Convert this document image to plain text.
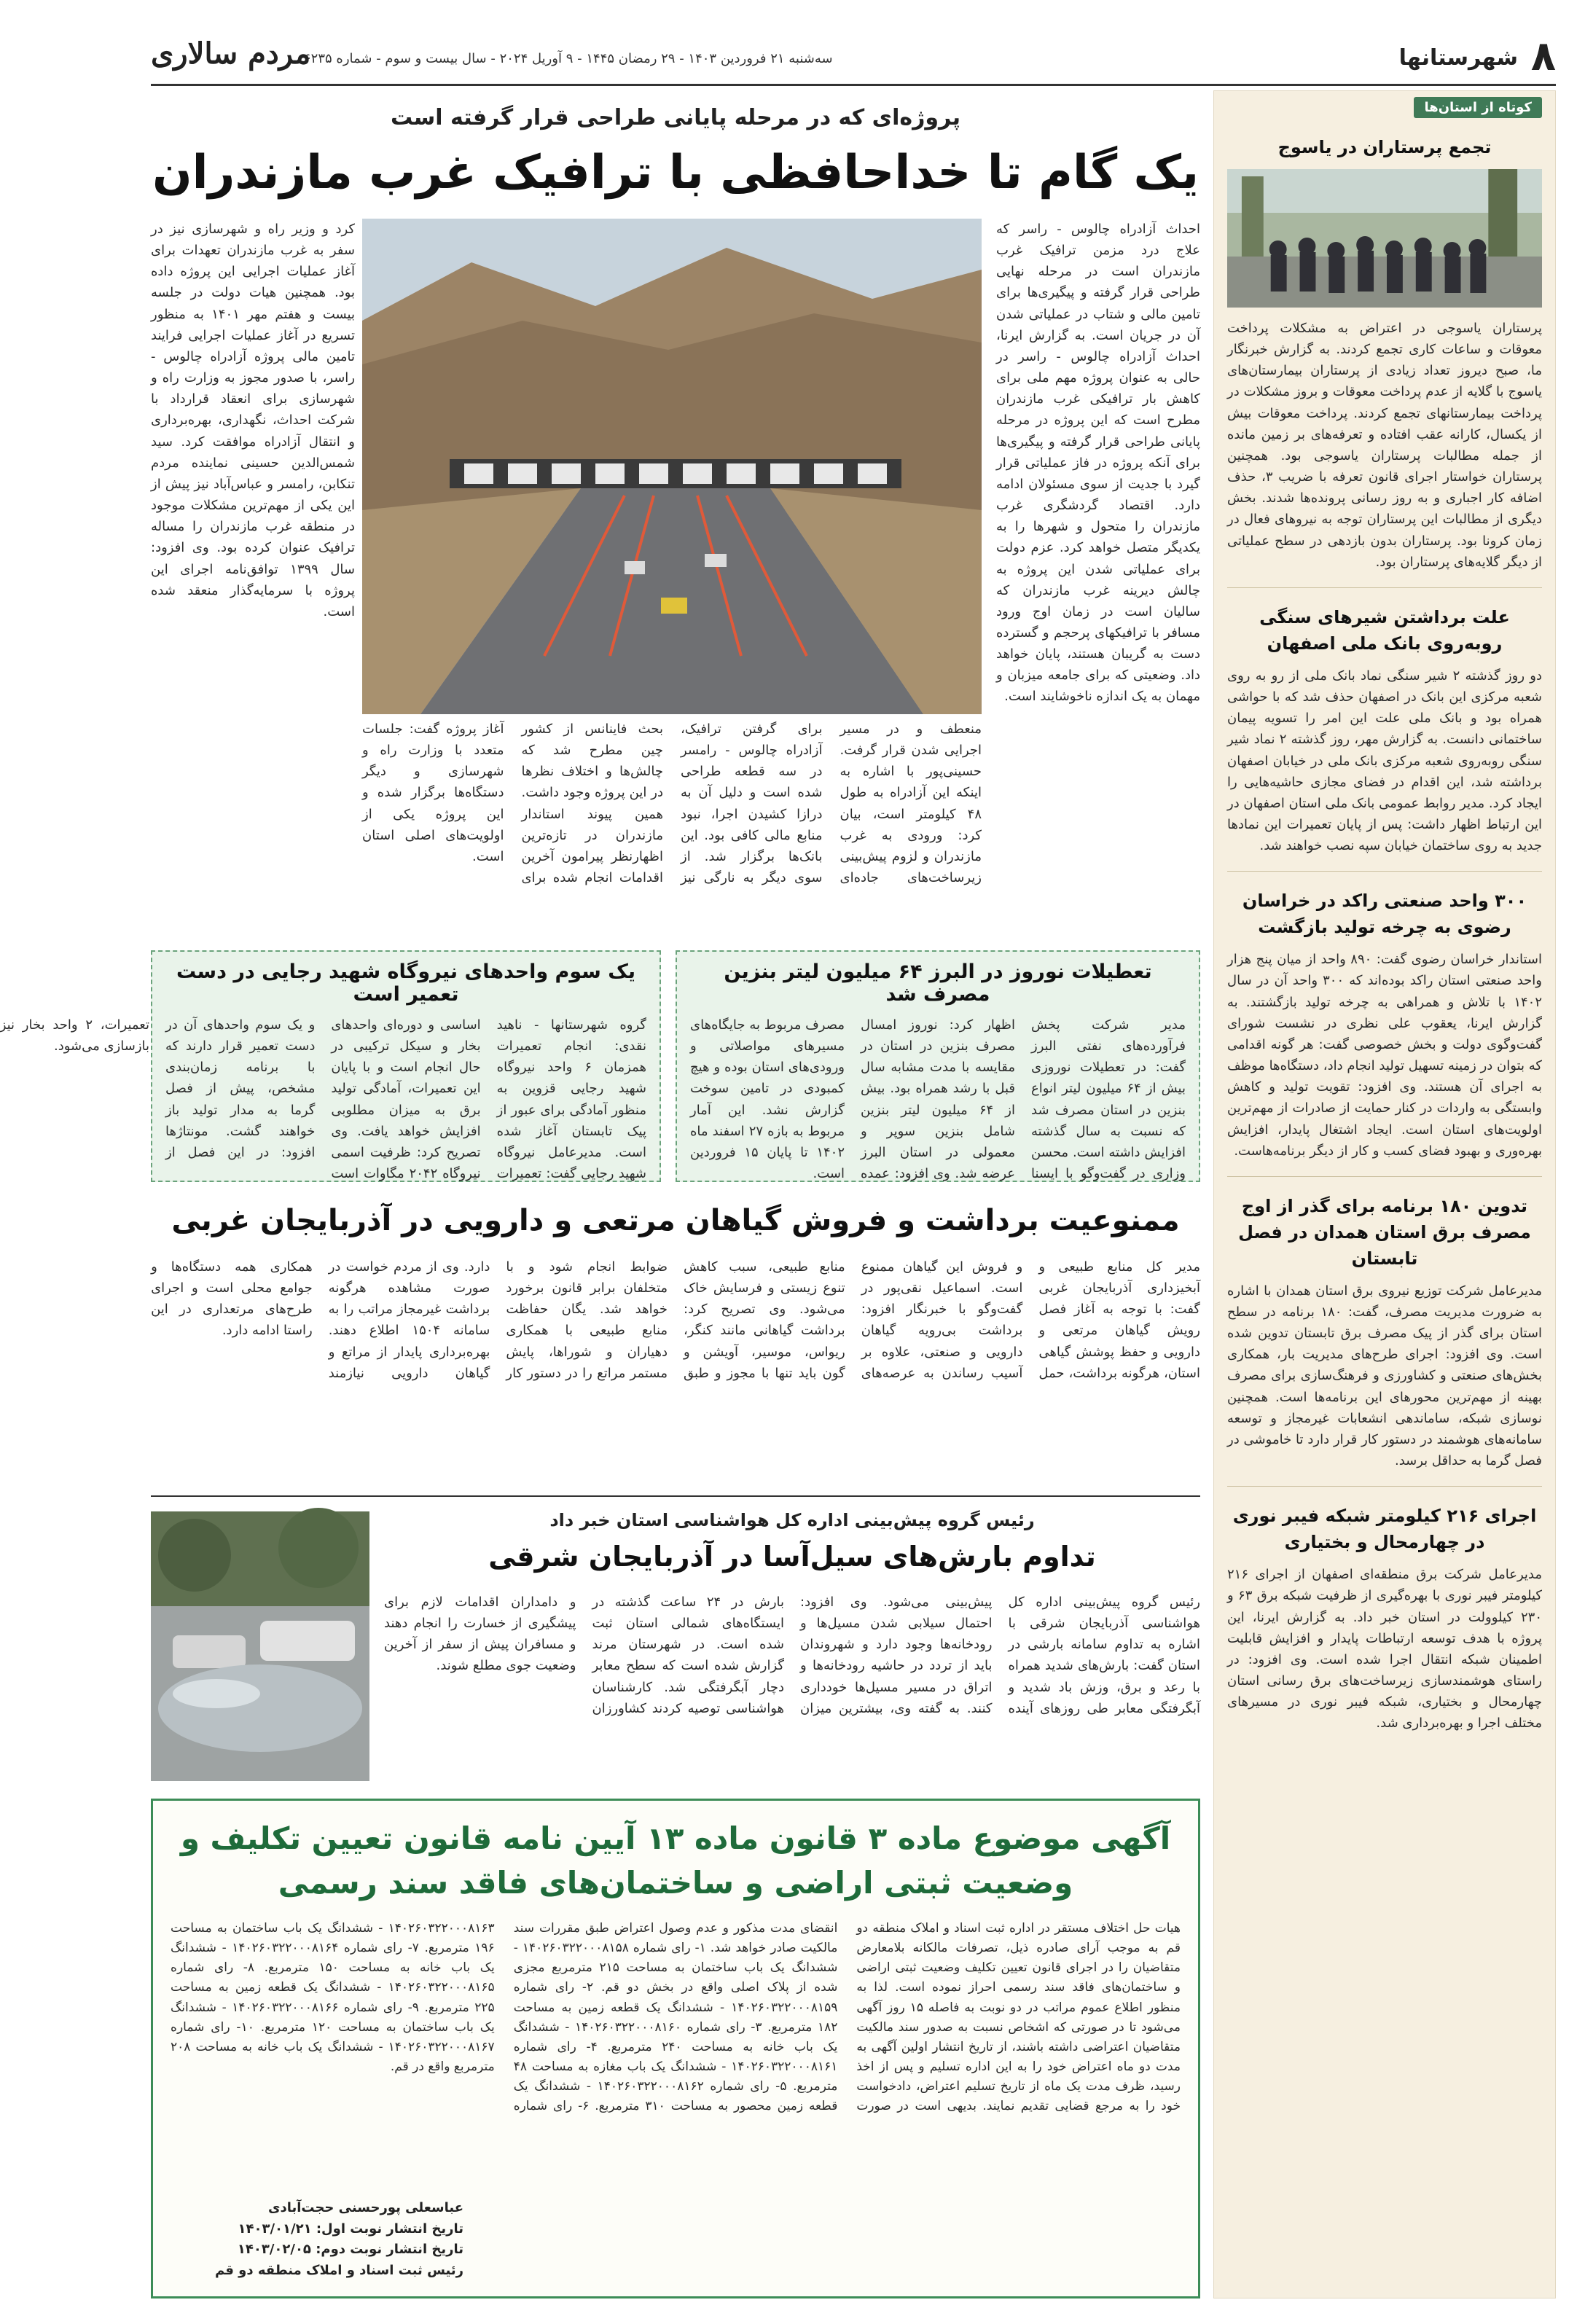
۸
شهرستانها
سه‌شنبه ۲۱ فروردین ۱۴۰۳ - ۲۹ رمضان ۱۴۴۵ - ۹ آوریل ۲۰۲۴ - سال بیست و سوم - شماره ۶۲۳۵
مردم سالاری
کوتاه از استان‌ها
تجمع پرستاران در یاسوج
پرستاران یاسوجی در اعتراض به مشکلات پرداخت معوقات و ساعات کاری تجمع کردند. به گزارش خبرنگار ما، صبح دیروز تعداد زیادی از پرستاران بیمارستان‌های یاسوج با گلایه از عدم پرداخت معوقات و بروز مشکلات در پرداخت بیمارستانهای تجمع کردند. پرداخت معوقات بیش از یکسال، کارانه عقب افتاده و تعرفه‌های بر زمین مانده از جمله مطالبات پرستاران یاسوجی بود. همچنین پرستاران خواستار اجرای قانون تعرفه با ضریب ۳، حذف اضافه کار اجباری و به روز رسانی پرونده‌ها شدند. بخش دیگری از مطالبات این پرستاران توجه به نیروهای فعال در زمان کرونا بود. پرستاران بدون بازدهی در سطح عملیاتی از دیگر گلایه‌های پرستاران بود.
علت برداشتن شیرهای سنگی روبه‌روی بانک ملی اصفهان
دو روز گذشته ۲ شیر سنگی نماد بانک ملی از رو به روی شعبه مرکزی این بانک در اصفهان حذف شد که با حواشی همراه بود و بانک ملی علت این امر را تسویه پیمان ساختمانی دانست. به گزارش مهر، روز گذشته ۲ نماد شیر سنگی روبه‌روی شعبه مرکزی بانک ملی در خیابان اصفهان برداشته شد، این اقدام در فضای مجازی حاشیه‌هایی را ایجاد کرد. مدیر روابط عمومی بانک ملی استان اصفهان در این ارتباط اظهار داشت: پس از پایان تعمیرات این نمادها جدید به روی ساختمان خیابان سپه نصب خواهند شد.
۳۰۰ واحد صنعتی راکد در خراسان رضوی به چرخه تولید بازگشت
استاندار خراسان رضوی گفت: ۸۹۰ واحد از میان پنج هزار واحد صنعتی استان راکد بوده‌اند که ۳۰۰ واحد آن در سال ۱۴۰۲ با تلاش و همراهی به چرخه تولید بازگشتند. به گزارش ایرنا، یعقوب علی نظری در نشست شورای گفت‌وگوی دولت و بخش خصوصی گفت: هر گونه اقدامی که بتوان در زمینه تسهیل تولید انجام داد، دستگاه‌ها موظف به اجرای آن هستند. وی افزود: تقویت تولید و کاهش وابستگی به واردات در کنار حمایت از صادرات از مهم‌ترین اولویت‌های استان است. ایجاد اشتغال پایدار، افزایش بهره‌وری و بهبود فضای کسب و کار از دیگر برنامه‌هاست.
تدوین ۱۸۰ برنامه برای گذر از اوج مصرف برق استان همدان در فصل تابستان
مدیرعامل شرکت توزیع نیروی برق استان همدان با اشاره به ضرورت مدیریت مصرف، گفت: ۱۸۰ برنامه در سطح استان برای گذر از پیک مصرف برق تابستان تدوین شده است. وی افزود: اجرای طرح‌های مدیریت بار، همکاری بخش‌های صنعتی و کشاورزی و فرهنگ‌سازی برای مصرف بهینه از مهم‌ترین محورهای این برنامه‌ها است. همچنین نوسازی شبکه، ساماندهی انشعابات غیرمجاز و توسعه سامانه‌های هوشمند در دستور کار قرار دارد تا خاموشی در فصل گرما به حداقل برسد.
اجرای ۲۱۶ کیلومتر شبکه فیبر نوری در چهارمحال و بختیاری
مدیرعامل شرکت برق منطقه‌ای اصفهان از اجرای ۲۱۶ کیلومتر فیبر نوری با بهره‌گیری از ظرفیت شبکه برق ۶۳ و ۲۳۰ کیلوولت در استان خبر داد. به گزارش ایرنا، این پروژه با هدف توسعه ارتباطات پایدار و افزایش قابلیت اطمینان شبکه انتقال اجرا شده است. وی افزود: در راستای هوشمندسازی زیرساخت‌های برق رسانی استان چهارمحال و بختیاری، شبکه فیبر نوری در مسیرهای مختلف اجرا و بهره‌برداری شد.
پروژه‌ای که در مرحله پایانی طراحی قرار گرفته است
یک گام تا خداحافظی با ترافیک غرب مازندران
احداث آزادراه چالوس - راسر که علاج درد مزمن ترافیک غرب مازندران است در مرحله نهایی طراحی قرار گرفته و پیگیری‌ها برای تامین مالی و شتاب در عملیاتی شدن آن در جریان است. به گزارش ایرنا، احداث آزادراه چالوس - راسر در حالی به عنوان پروژه مهم ملی برای کاهش بار ترافیکی غرب مازندران مطرح است که این پروژه در مرحله پایانی طراحی قرار گرفته و پیگیری‌ها برای آنکه پروژه در فاز عملیاتی قرار گیرد با جدیت از سوی مسئولان ادامه دارد. اقتصاد گردشگری غرب مازندران را متحول و شهرها را به یکدیگر متصل خواهد کرد. عزم دولت برای عملیاتی شدن این پروژه به چالش دیرینه غرب مازندران که سالیان است در زمان اوج ورود مسافر با ترافیکهای پرحجم و گسترده دست به گریبان هستند، پایان خواهد داد. وضعیتی که برای جامعه میزبان و مهمان به یک اندازه ناخوشایند است.
منعطف و در مسیر اجرایی شدن قرار گرفت. حسینی‌پور با اشاره به اینکه این آزادراه به طول ۴۸ کیلومتر است، بیان کرد: ورودی به غرب مازندران و لزوم پیش‌بینی زیرساخت‌های جاده‌ای برای گرفتن ترافیک، آزادراه چالوس - رامسر در سه قطعه طراحی شده است و دلیل آن به درازا کشیدن اجرا، نبود منابع مالی کافی بود. این بانک‌ها برگزار شد. از سوی دیگر به نارگی نیز بحث فاینانس از کشور چین مطرح شد که چالش‌ها و اختلاف نظرها در این پروژه وجود داشت. همین پیوند استاندار مازندران در تازه‌ترین اظهارنظر پیرامون آخرین اقدامات انجام شده برای آغاز پروژه گفت: جلسات متعدد با وزارت راه و شهرسازی و دیگر دستگاه‌ها برگزار شده و این پروژه یکی از اولویت‌های اصلی استان است.
کرد و وزیر راه و شهرسازی نیز در سفر به غرب مازندران تعهدات برای آغاز عملیات اجرایی این پروژه داده بود. همچنین هیات دولت در جلسه بیست و هفتم مهر ۱۴۰۱ به منظور تسریع در آغاز عملیات اجرایی فرایند تامین مالی پروژه آزادراه چالوس - راسر، با صدور مجوز به وزارت راه و شهرسازی برای انعقاد قرارداد با شرکت احداث، نگهداری، بهره‌برداری و انتقال آزادراه موافقت کرد. سید شمس‌الدین حسینی نماینده مردم تنکابن، رامسر و عباس‌آباد نیز پیش از این یکی از مهم‌ترین مشکلات موجود در منطقه غرب مازندران را مساله ترافیک عنوان کرده بود. وی افزود: سال ۱۳۹۹ توافق‌نامه اجرای این پروژه با سرمایه‌گذار منعقد شده است.
یک سوم واحدهای نیروگاه شهید رجایی در دست تعمیر است
گروه شهرستانها - ناهید نقدی: انجام تعمیرات همزمان ۶ واحد نیروگاه شهید رجایی قزوین به منظور آمادگی برای عبور از پیک تابستان آغاز شده است. مدیرعامل نیروگاه شهید رجایی گفت: تعمیرات اساسی و دوره‌ای واحدهای بخار و سیکل ترکیبی در حال انجام است و با پایان این تعمیرات، آمادگی تولید برق به میزان مطلوبی افزایش خواهد یافت. وی تصریح کرد: ظرفیت اسمی نیروگاه ۲۰۴۲ مگاوات است و یک سوم واحدهای آن در دست تعمیر قرار دارند که با برنامه زمان‌بندی مشخص، پیش از فصل گرما به مدار تولید باز خواهند گشت. مونتاژها افزود: در این فصل از تعمیرات، ۲ واحد بخار نیز بازسازی می‌شود.
تعطیلات نوروز در البرز ۶۴ میلیون لیتر بنزین مصرف شد
مدیر شرکت پخش فرآورده‌های نفتی البرز گفت: در تعطیلات نوروزی بیش از ۶۴ میلیون لیتر انواع بنزین در استان مصرف شد که نسبت به سال گذشته افزایش داشته است. محسن وزاری در گفت‌وگو با ایسنا اظهار کرد: نوروز امسال مصرف بنزین در استان در مقایسه با مدت مشابه سال قبل با رشد همراه بود. بیش از ۶۴ میلیون لیتر بنزین شامل بنزین سوپر و معمولی در استان البرز عرضه شد. وی افزود: عمده مصرف مربوط به جایگاه‌های مسیرهای مواصلاتی و ورودی‌های استان بوده و هیچ کمبودی در تامین سوخت گزارش نشد. این آمار مربوط به بازه ۲۷ اسفند ماه ۱۴۰۲ تا پایان ۱۵ فروردین است.
ممنوعیت برداشت و فروش گیاهان مرتعی و دارویی در آذربایجان غربی
مدیر کل منابع طبیعی و آبخیزداری آذربایجان غربی گفت: با توجه به آغاز فصل رویش گیاهان مرتعی و دارویی و حفظ پوشش گیاهی استان، هرگونه برداشت، حمل و فروش این گیاهان ممنوع است. اسماعیل نقی‌پور در گفت‌وگو با خبرنگار افزود: برداشت بی‌رویه گیاهان دارویی و صنعتی، علاوه بر آسیب رساندن به عرصه‌های منابع طبیعی، سبب کاهش تنوع زیستی و فرسایش خاک می‌شود. وی تصریح کرد: برداشت گیاهانی مانند کنگر، ریواس، موسیر، آویشن و گون باید تنها با مجوز و طبق ضوابط انجام شود و با متخلفان برابر قانون برخورد خواهد شد. یگان حفاظت منابع طبیعی با همکاری دهیاران و شوراها، پایش مستمر مراتع را در دستور کار دارد. وی از مردم خواست در صورت مشاهده هرگونه برداشت غیرمجاز مراتب را به سامانه ۱۵۰۴ اطلاع دهند. بهره‌برداری پایدار از مراتع و گیاهان دارویی نیازمند همکاری همه دستگاه‌ها و جوامع محلی است و اجرای طرح‌های مرتعداری در این راستا ادامه دارد.
رئیس گروه پیش‌بینی اداره کل هواشناسی استان خبر داد
تداوم بارش‌های سیل‌آسا در آذربایجان شرقی
رئیس گروه پیش‌بینی اداره کل هواشناسی آذربایجان شرقی با اشاره به تداوم سامانه بارشی در استان گفت: بارش‌های شدید همراه با رعد و برق، وزش باد شدید و آبگرفتگی معابر طی روزهای آینده پیش‌بینی می‌شود. وی افزود: احتمال سیلابی شدن مسیل‌ها و رودخانه‌ها وجود دارد و شهروندان باید از تردد در حاشیه رودخانه‌ها و اتراق در مسیر مسیل‌ها خودداری کنند. به گفته وی، بیشترین میزان بارش در ۲۴ ساعت گذشته در ایستگاه‌های شمالی استان ثبت شده است. در شهرستان مرند گزارش شده است که سطح معابر دچار آبگرفتگی شد. کارشناسان هواشناسی توصیه کردند کشاورزان و دامداران اقدامات لازم برای پیشگیری از خسارت را انجام دهند و مسافران پیش از سفر از آخرین وضعیت جوی مطلع شوند.
آگهی موضوع ماده ۳ قانون ماده ۱۳ آیین نامه قانون تعیین تکلیف و وضعیت ثبتی اراضی و ساختمان‌های فاقد سند رسمی
هیات حل اختلاف مستقر در اداره ثبت اسناد و املاک منطقه دو قم به موجب آرای صادره ذیل، تصرفات مالکانه بلامعارض متقاضیان را در اجرای قانون تعیین تکلیف وضعیت ثبتی اراضی و ساختمان‌های فاقد سند رسمی احراز نموده است. لذا به منظور اطلاع عموم مراتب در دو نوبت به فاصله ۱۵ روز آگهی می‌شود تا در صورتی که اشخاص نسبت به صدور سند مالکیت متقاضیان اعتراضی داشته باشند، از تاریخ انتشار اولین آگهی به مدت دو ماه اعتراض خود را به این اداره تسلیم و پس از اخذ رسید، ظرف مدت یک ماه از تاریخ تسلیم اعتراض، دادخواست خود را به مرجع قضایی تقدیم نمایند. بدیهی است در صورت انقضای مدت مذکور و عدم وصول اعتراض طبق مقررات سند مالکیت صادر خواهد شد. ۱- رای شماره ۱۴۰۲۶۰۳۲۲۰۰۰۸۱۵۸ - ششدانگ یک باب ساختمان به مساحت ۲۱۵ مترمربع مجزی شده از پلاک اصلی واقع در بخش دو قم. ۲- رای شماره ۱۴۰۲۶۰۳۲۲۰۰۰۸۱۵۹ - ششدانگ یک قطعه زمین به مساحت ۱۸۲ مترمربع. ۳- رای شماره ۱۴۰۲۶۰۳۲۲۰۰۰۸۱۶۰ - ششدانگ یک باب خانه به مساحت ۲۴۰ مترمربع. ۴- رای شماره ۱۴۰۲۶۰۳۲۲۰۰۰۸۱۶۱ - ششدانگ یک باب مغازه به مساحت ۴۸ مترمربع. ۵- رای شماره ۱۴۰۲۶۰۳۲۲۰۰۰۸۱۶۲ - ششدانگ یک قطعه زمین محصور به مساحت ۳۱۰ مترمربع. ۶- رای شماره ۱۴۰۲۶۰۳۲۲۰۰۰۸۱۶۳ - ششدانگ یک باب ساختمان به مساحت ۱۹۶ مترمربع. ۷- رای شماره ۱۴۰۲۶۰۳۲۲۰۰۰۸۱۶۴ - ششدانگ یک باب خانه به مساحت ۱۵۰ مترمربع. ۸- رای شماره ۱۴۰۲۶۰۳۲۲۰۰۰۸۱۶۵ - ششدانگ یک قطعه زمین به مساحت ۲۲۵ مترمربع. ۹- رای شماره ۱۴۰۲۶۰۳۲۲۰۰۰۸۱۶۶ - ششدانگ یک باب ساختمان به مساحت ۱۲۰ مترمربع. ۱۰- رای شماره ۱۴۰۲۶۰۳۲۲۰۰۰۸۱۶۷ - ششدانگ یک باب خانه به مساحت ۲۰۸ مترمربع واقع در قم.
عباسعلی پورحسنی حجت‌آبادی
تاریخ انتشار نوبت اول: ۱۴۰۳/۰۱/۲۱
تاریخ انتشار نوبت دوم: ۱۴۰۳/۰۲/۰۵
رئیس ثبت اسناد و املاک منطقه دو قم
